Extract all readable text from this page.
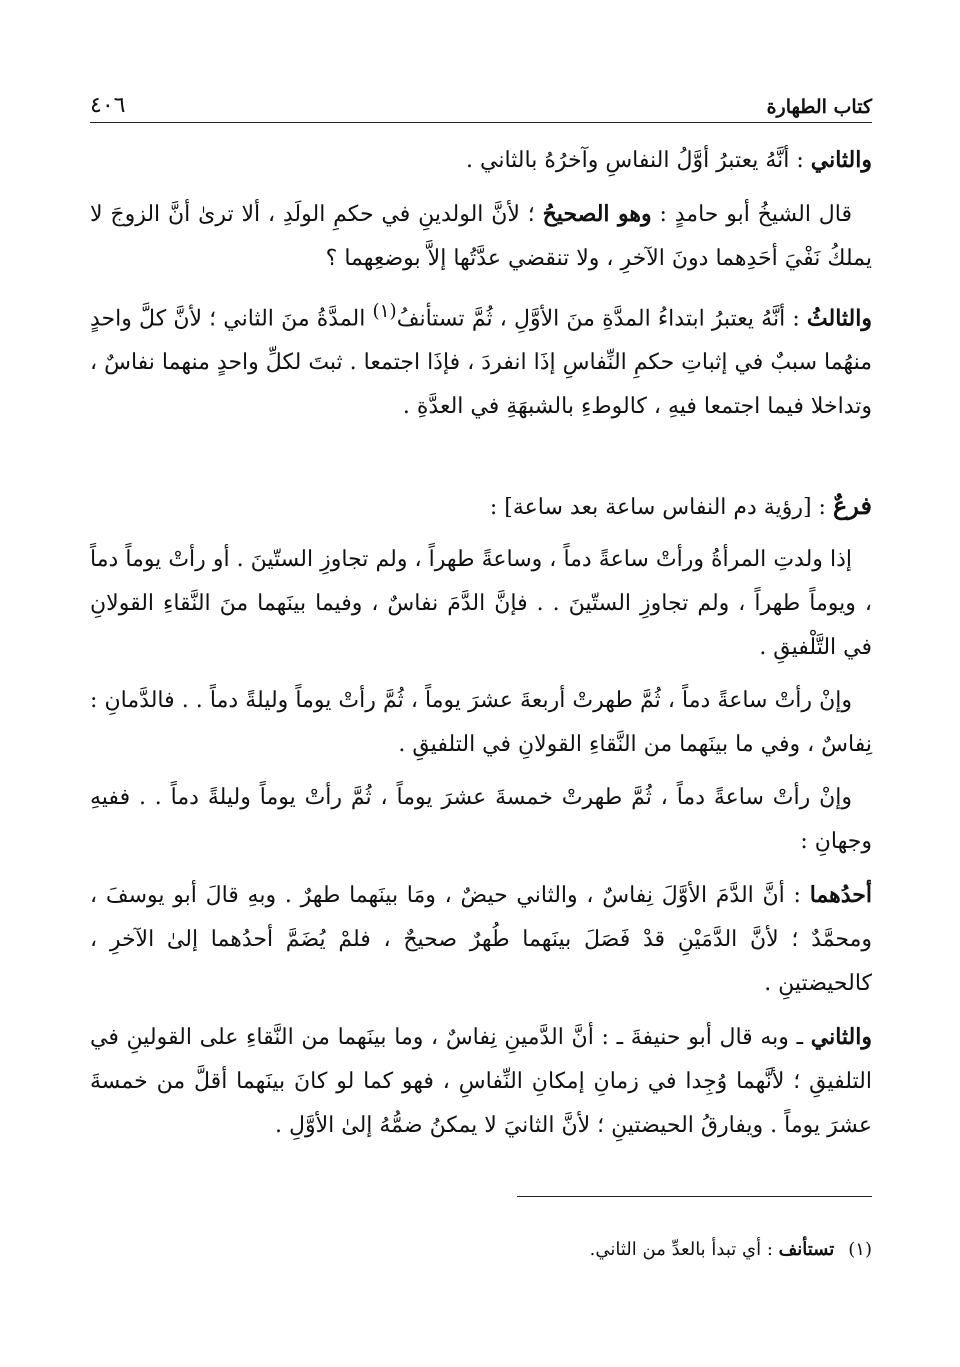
كتاب الطهارة
٤٠٦

والثاني : أنَّهُ يعتبرُ أوَّلُ النفاسِ وآخرُهُ بالثاني .

قال الشيخُ أبو حامدٍ : وهو الصحيحُ ؛ لأنَّ الولدينِ في حكمِ الولَدِ ، ألا ترىٰ أنَّ الزوجَ لا يملكُ نَفْيَ أحَدِهما دونَ الآخرِ ، ولا تنقضي عدَّتُها إلاَّ بوضعِهما ؟

والثالثُ : أنَّهُ يعتبرُ ابتداءُ المدَّةِ منَ الأوَّلِ ، ثُمَّ تستأنفُ$^{(١)}$ المدَّةُ منَ الثاني ؛ لأنَّ كلَّ واحدٍ منهُما سببٌ في إثباتِ حكمِ النِّفاسِ إذَا انفردَ ، فإذَا اجتمعا . ثبتَ لكلِّ واحدٍ منهما نفاسٌ ، وتداخلا فيما اجتمعا فيهِ ، كالوطءِ بالشبهَةِ في العدَّةِ .

فرعٌ : [رؤية دم النفاس ساعة بعد ساعة] :

إذا ولدتِ المرأةُ ورأتْ ساعةً دماً ، وساعةً طهراً ، ولم تجاوزِ الستّينَ . أو رأتْ يوماً دماً ، ويوماً طهراً ، ولم تجاوزِ الستّينَ . . فإنَّ الدَّمَ نفاسٌ ، وفيما بينَهما منَ النَّقاءِ القولانِ في التَّلْفيقِ .

وإنْ رأتْ ساعةً دماً ، ثُمَّ طهرتْ أربعةَ عشرَ يوماً ، ثُمَّ رأتْ يوماً وليلةً دماً . . فالدَّمانِ : نِفاسٌ ، وفي ما بينَهما من النَّقاءِ القولانِ في التلفيقِ .

وإنْ رأتْ ساعةً دماً ، ثُمَّ طهرتْ خمسةَ عشرَ يوماً ، ثُمَّ رأتْ يوماً وليلةً دماً . . ففيهِ وجهانِ :

أحدُهما : أنَّ الدَّمَ الأوَّلَ نِفاسٌ ، والثاني حيضٌ ، ومَا بينَهما طهرٌ . وبهِ قالَ أبو يوسفَ ، ومحمَّدٌ ؛ لأنَّ الدَّمَيْنِ قدْ فَصَلَ بينَهما طُهرٌ صحيحٌ ، فلمْ يُضَمَّ أحدُهما إلىٰ الآخرِ ، كالحيضتينِ .

والثاني ـ وبه قال أبو حنيفةَ ـ : أنَّ الدَّمينِ نِفاسٌ ، وما بينَهما من النَّقاءِ على القولينِ في التلفيقِ ؛ لأنَّهما وُجِدا في زمانِ إمكانِ النِّفاسِ ، فهو كما لو كانَ بينَهما أقلَّ من خمسةَ عشرَ يوماً . ويفارقُ الحيضتينِ ؛ لأنَّ الثانيَ لا يمكنُ ضمُّهُ إلىٰ الأوَّلِ .

(١)تستأنف : أي تبدأ بالعدِّ من الثاني.
